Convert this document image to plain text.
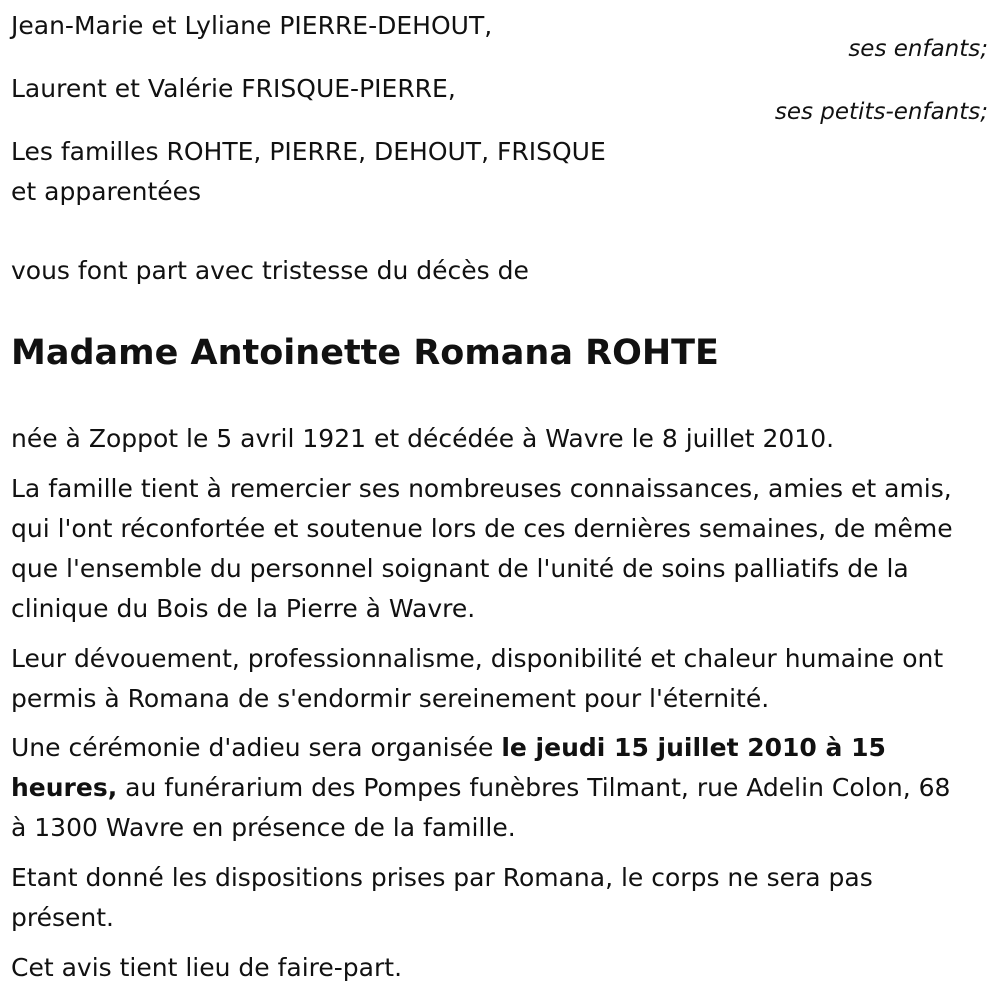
Jean-Marie et Lyliane PIERRE-DEHOUT,

ses enfants;

Laurent et Valérie FRISQUE-PIERRE,

ses petits-enfants;

Les familles ROHTE, PIERRE, DEHOUT, FRISQUE

et apparentées

vous font part avec tristesse du décès de

Madame Antoinette Romana ROHTE

née à Zoppot le 5 avril 1921 et décédée à Wavre le 8 juillet 2010.

La famille tient à remercier ses nombreuses connaissances, amies et amis, qui l'ont réconfortée et soutenue lors de ces dernières semaines, de même que l'ensemble du personnel soignant de l'unité de soins palliatifs de la clinique du Bois de la Pierre à Wavre.

Leur dévouement, professionnalisme, disponibilité et chaleur humaine ont permis à Romana de s'endormir sereinement pour l'éternité.

Une cérémonie d'adieu sera organisée le jeudi 15 juillet 2010 à 15 heures, au funérarium des Pompes funèbres Tilmant, rue Adelin Colon, 68 à 1300 Wavre en présence de la famille.

Etant donné les dispositions prises par Romana, le corps ne sera pas présent.

Cet avis tient lieu de faire-part.
